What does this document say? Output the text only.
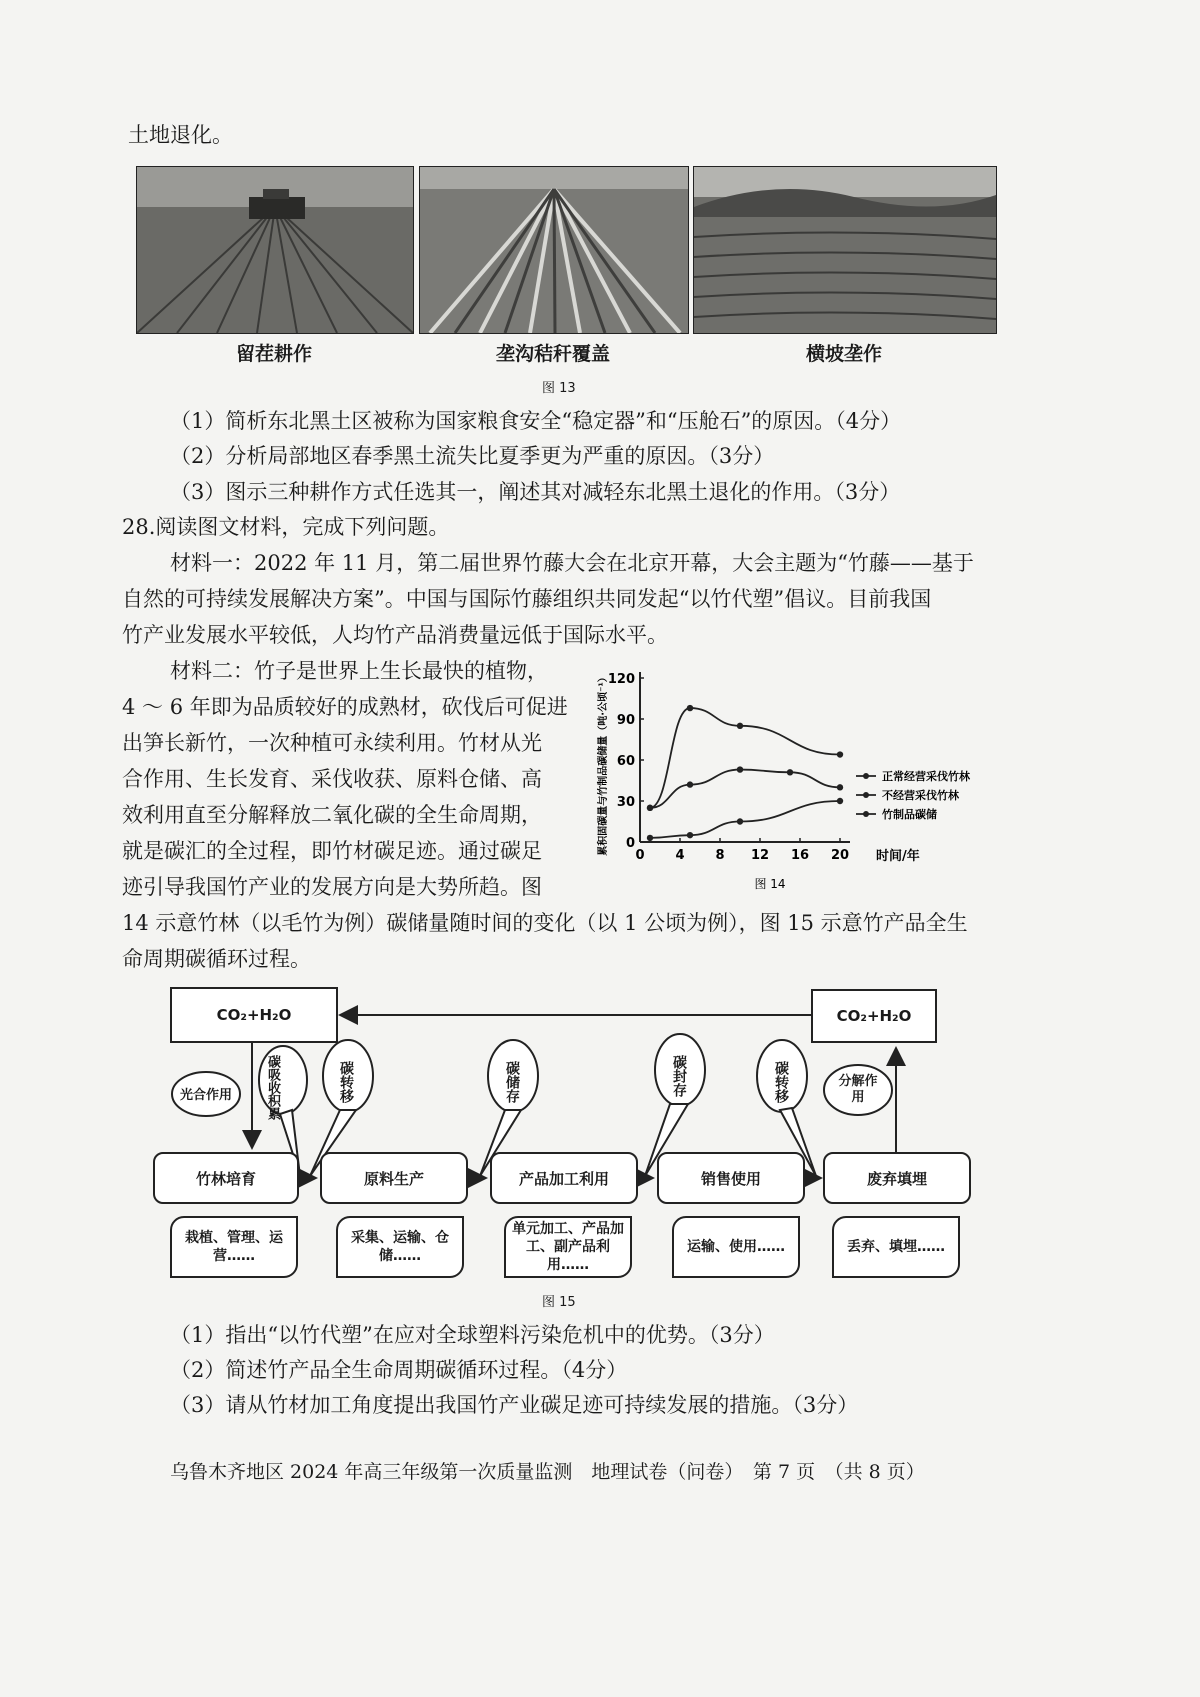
土地退化。
留茬耕作	垄沟秸秆覆盖	横坡垄作
图 13
（1）简析东北黑土区被称为国家粮食安全“稳定器”和“压舱石”的原因。（4分）
（2）分析局部地区春季黑土流失比夏季更为严重的原因。（3分）
（3）图示三种耕作方式任选其一，阐述其对减轻东北黑土退化的作用。（3分）
28.阅读图文材料，完成下列问题。
材料一：2022 年 11 月，第二届世界竹藤大会在北京开幕，大会主题为“竹藤——基于
自然的可持续发展解决方案”。中国与国际竹藤组织共同发起“以竹代塑”倡议。目前我国
竹产业发展水平较低，人均竹产品消费量远低于国际水平。
材料二：竹子是世界上生长最快的植物，
4 ～ 6 年即为品质较好的成熟材，砍伐后可促进
出笋长新竹，一次种植可永续利用。竹材从光
合作用、生长发育、采伐收获、原料仓储、高
效利用直至分解释放二氧化碳的全生命周期，
就是碳汇的全过程，即竹材碳足迹。通过碳足
迹引导我国竹产业的发展方向是大势所趋。图
14 示意竹林（以毛竹为例）碳储量随时间的变化（以 1 公顷为例），图 15 示意竹产品全生
命周期碳循环过程。
累积固碳量与竹制品碳储量（吨·公顷⁻¹）
时间/年
0 4 8 12 16 20
0
30
60
90
120
正常经营采伐竹林
不经营采伐竹林
竹制品碳储
图 14
CO₂+H₂O	CO₂+H₂O
碳吸收积累	碳转移	碳储存	碳封存	碳转移
光合作用
分解作用
竹林培育	原料生产	产品加工利用	销售使用	废弃填埋
栽植、管理、运营……
采集、运输、仓储……
单元加工、产品加工、副产品利用……
运输、使用……	丢弃、填埋……
图 15
（1）指出“以竹代塑”在应对全球塑料污染危机中的优势。（3分）
（2）简述竹产品全生命周期碳循环过程。（4分）
（3）请从竹材加工角度提出我国竹产业碳足迹可持续发展的措施。（3分）
乌鲁木齐地区 2024 年高三年级第一次质量监测　地理试卷（问卷）　第 7 页　（共 8 页）
